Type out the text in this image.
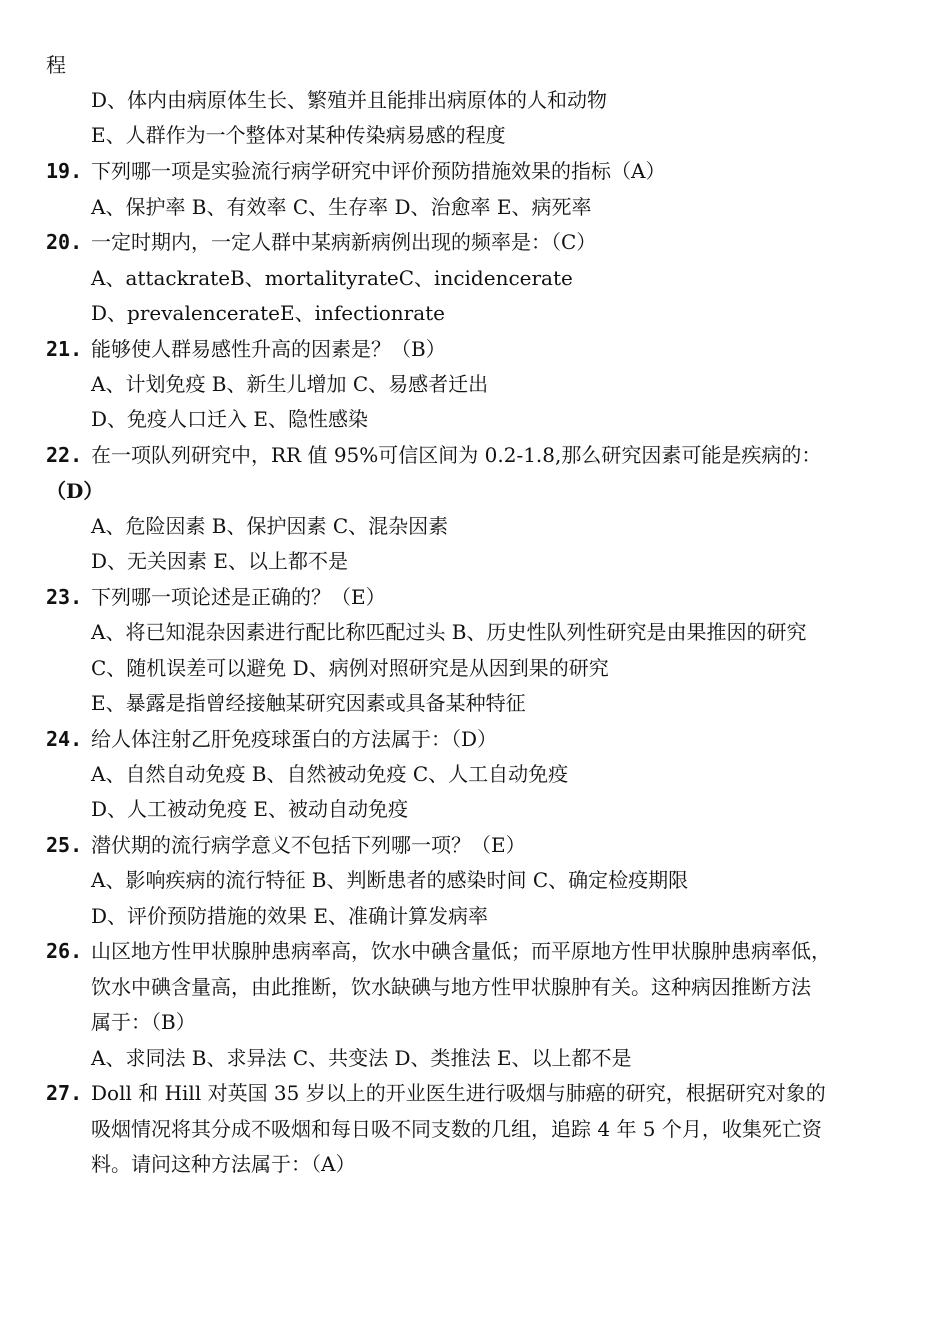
程
D、体内由病原体生长、繁殖并且能排出病原体的人和动物
E、人群作为一个整体对某种传染病易感的程度
19. 下列哪一项是实验流行病学研究中评价预防措施效果的指标（A）
A、保护率 B、有效率 C、生存率 D、治愈率 E、病死率
20. 一定时期内，一定人群中某病新病例出现的频率是：（C）
A、attackrateB、mortalityrateC、incidencerate
D、prevalencerateE、infectionrate
21. 能够使人群易感性升高的因素是？（B）
A、计划免疫 B、新生儿增加 C、易感者迁出
D、免疫人口迁入 E、隐性感染
22. 在一项队列研究中，RR 值 95%可信区间为 0.2-1.8,那么研究因素可能是疾病的：
（D）
A、危险因素 B、保护因素 C、混杂因素
D、无关因素 E、以上都不是
23. 下列哪一项论述是正确的？（E）
A、将已知混杂因素进行配比称匹配过头 B、历史性队列性研究是由果推因的研究
C、随机误差可以避免 D、病例对照研究是从因到果的研究
E、暴露是指曾经接触某研究因素或具备某种特征
24. 给人体注射乙肝免疫球蛋白的方法属于：（D）
A、自然自动免疫 B、自然被动免疫 C、人工自动免疫
D、人工被动免疫 E、被动自动免疫
25. 潜伏期的流行病学意义不包括下列哪一项？（E）
A、影响疾病的流行特征 B、判断患者的感染时间 C、确定检疫期限
D、评价预防措施的效果 E、准确计算发病率
26. 山区地方性甲状腺肿患病率高，饮水中碘含量低；而平原地方性甲状腺肿患病率低，
饮水中碘含量高，由此推断，饮水缺碘与地方性甲状腺肿有关。这种病因推断方法
属于：（B）
A、求同法 B、求异法 C、共变法 D、类推法 E、以上都不是
27. Doll 和 Hill 对英国 35 岁以上的开业医生进行吸烟与肺癌的研究，根据研究对象的
吸烟情况将其分成不吸烟和每日吸不同支数的几组，追踪 4 年 5 个月，收集死亡资
料。请问这种方法属于：（A）
